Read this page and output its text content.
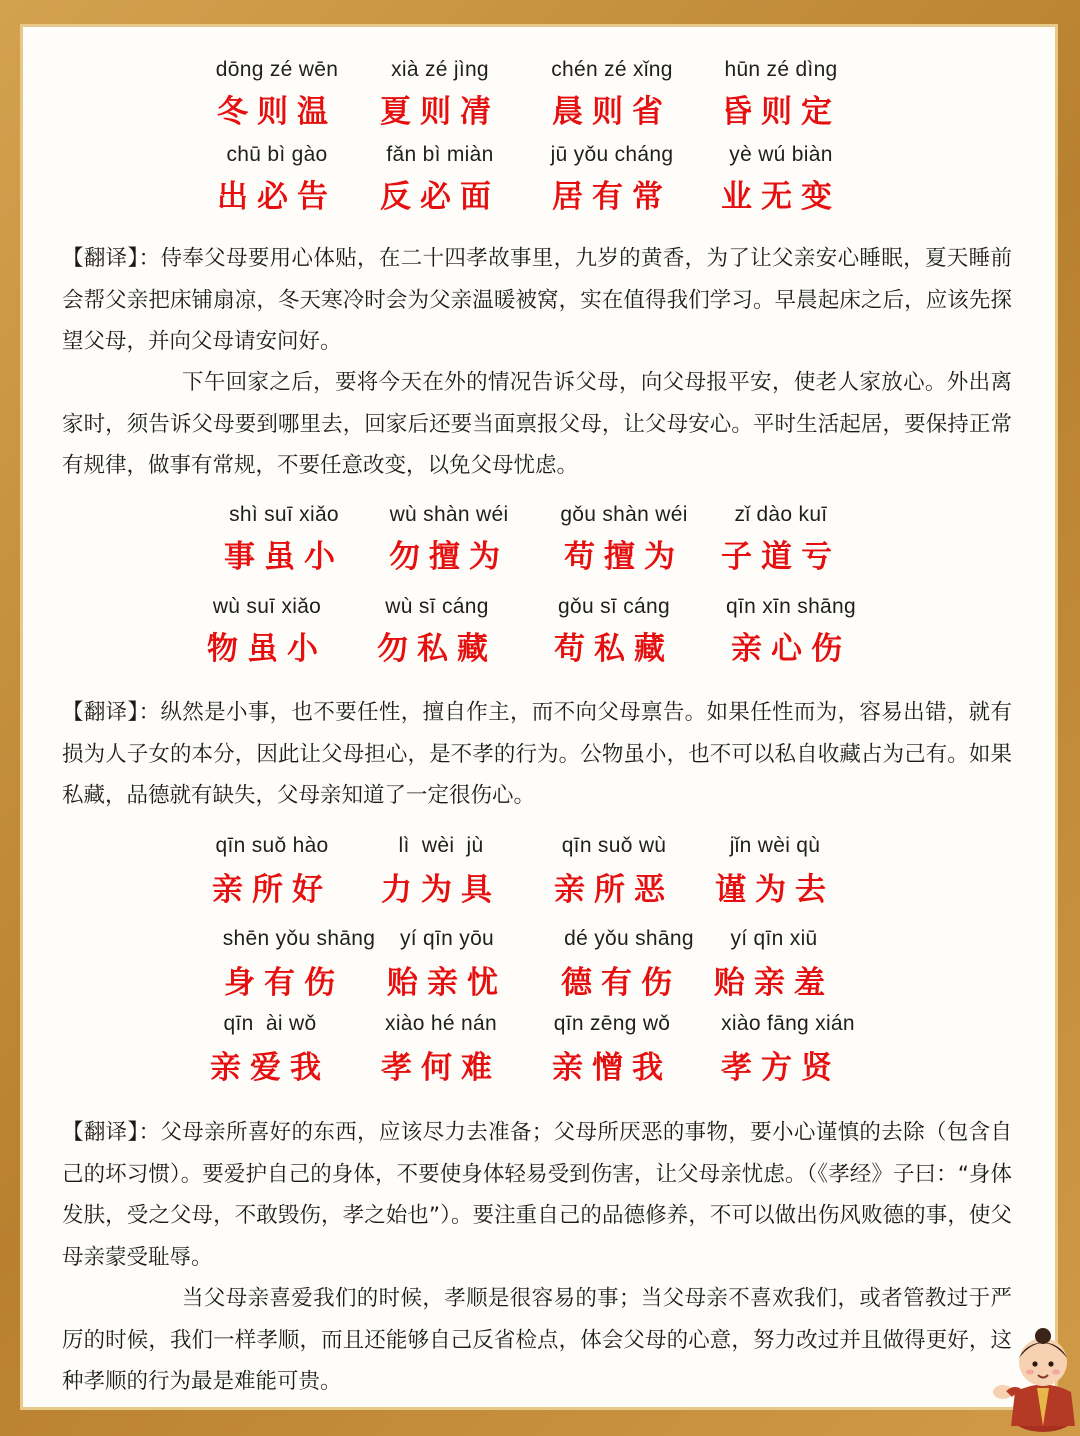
dōng zé wēn
冬则温
xià zé jìng
夏则凊
chén zé xǐng
晨则省
hūn zé dìng
昏则定
chū bì gào
出必告
fǎn bì miàn
反必面
jū yǒu cháng
居有常
yè wú biàn
业无变
【翻译】：侍奉父母要用心体贴，在二十四孝故事里，九岁的黄香，为了让父亲安心睡眠，夏天睡前会帮父亲把床铺扇凉，冬天寒冷时会为父亲温暖被窝，实在值得我们学习。早晨起床之后，应该先探望父母，并向父母请安问好。
下午回家之后，要将今天在外的情况告诉父母，向父母报平安，使老人家放心。外出离家时，须告诉父母要到哪里去，回家后还要当面禀报父母，让父母安心。平时生活起居，要保持正常有规律，做事有常规，不要任意改变，以免父母忧虑。
shì suī xiǎo
事虽小
wù shàn wéi
勿擅为
gǒu shàn wéi
苟擅为
zǐ dào kuī
子道亏
wù suī xiǎo
物虽小
wù sī cáng
勿私藏
gǒu sī cáng
苟私藏
qīn xīn shāng
亲心伤
【翻译】：纵然是小事，也不要任性，擅自作主，而不向父母禀告。如果任性而为，容易出错，就有损为人子女的本分，因此让父母担心，是不孝的行为。公物虽小，也不可以私自收藏占为己有。如果私藏，品德就有缺失，父母亲知道了一定很伤心。
qīn suǒ hào
亲所好
lì  wèi  jù
力为具
qīn suǒ wù
亲所恶
jǐn wèi qù
谨为去
shēn yǒu shāng
身有伤
yí qīn yōu
贻亲忧
dé yǒu shāng
德有伤
yí qīn xiū
贻亲羞
qīn  ài wǒ
亲爱我
xiào hé nán
孝何难
qīn zēng wǒ
亲憎我
xiào fāng xián
孝方贤
【翻译】：父母亲所喜好的东西，应该尽力去准备；父母所厌恶的事物，要小心谨慎的去除（包含自己的坏习惯）。要爱护自己的身体，不要使身体轻易受到伤害，让父母亲忧虑。（《孝经》子曰：“身体发肤，受之父母，不敢毁伤，孝之始也”）。要注重自己的品德修养，不可以做出伤风败德的事，使父母亲蒙受耻辱。
当父母亲喜爱我们的时候，孝顺是很容易的事；当父母亲不喜欢我们，或者管教过于严厉的时候，我们一样孝顺，而且还能够自己反省检点，体会父母的心意，努力改过并且做得更好，这种孝顺的行为最是难能可贵。
